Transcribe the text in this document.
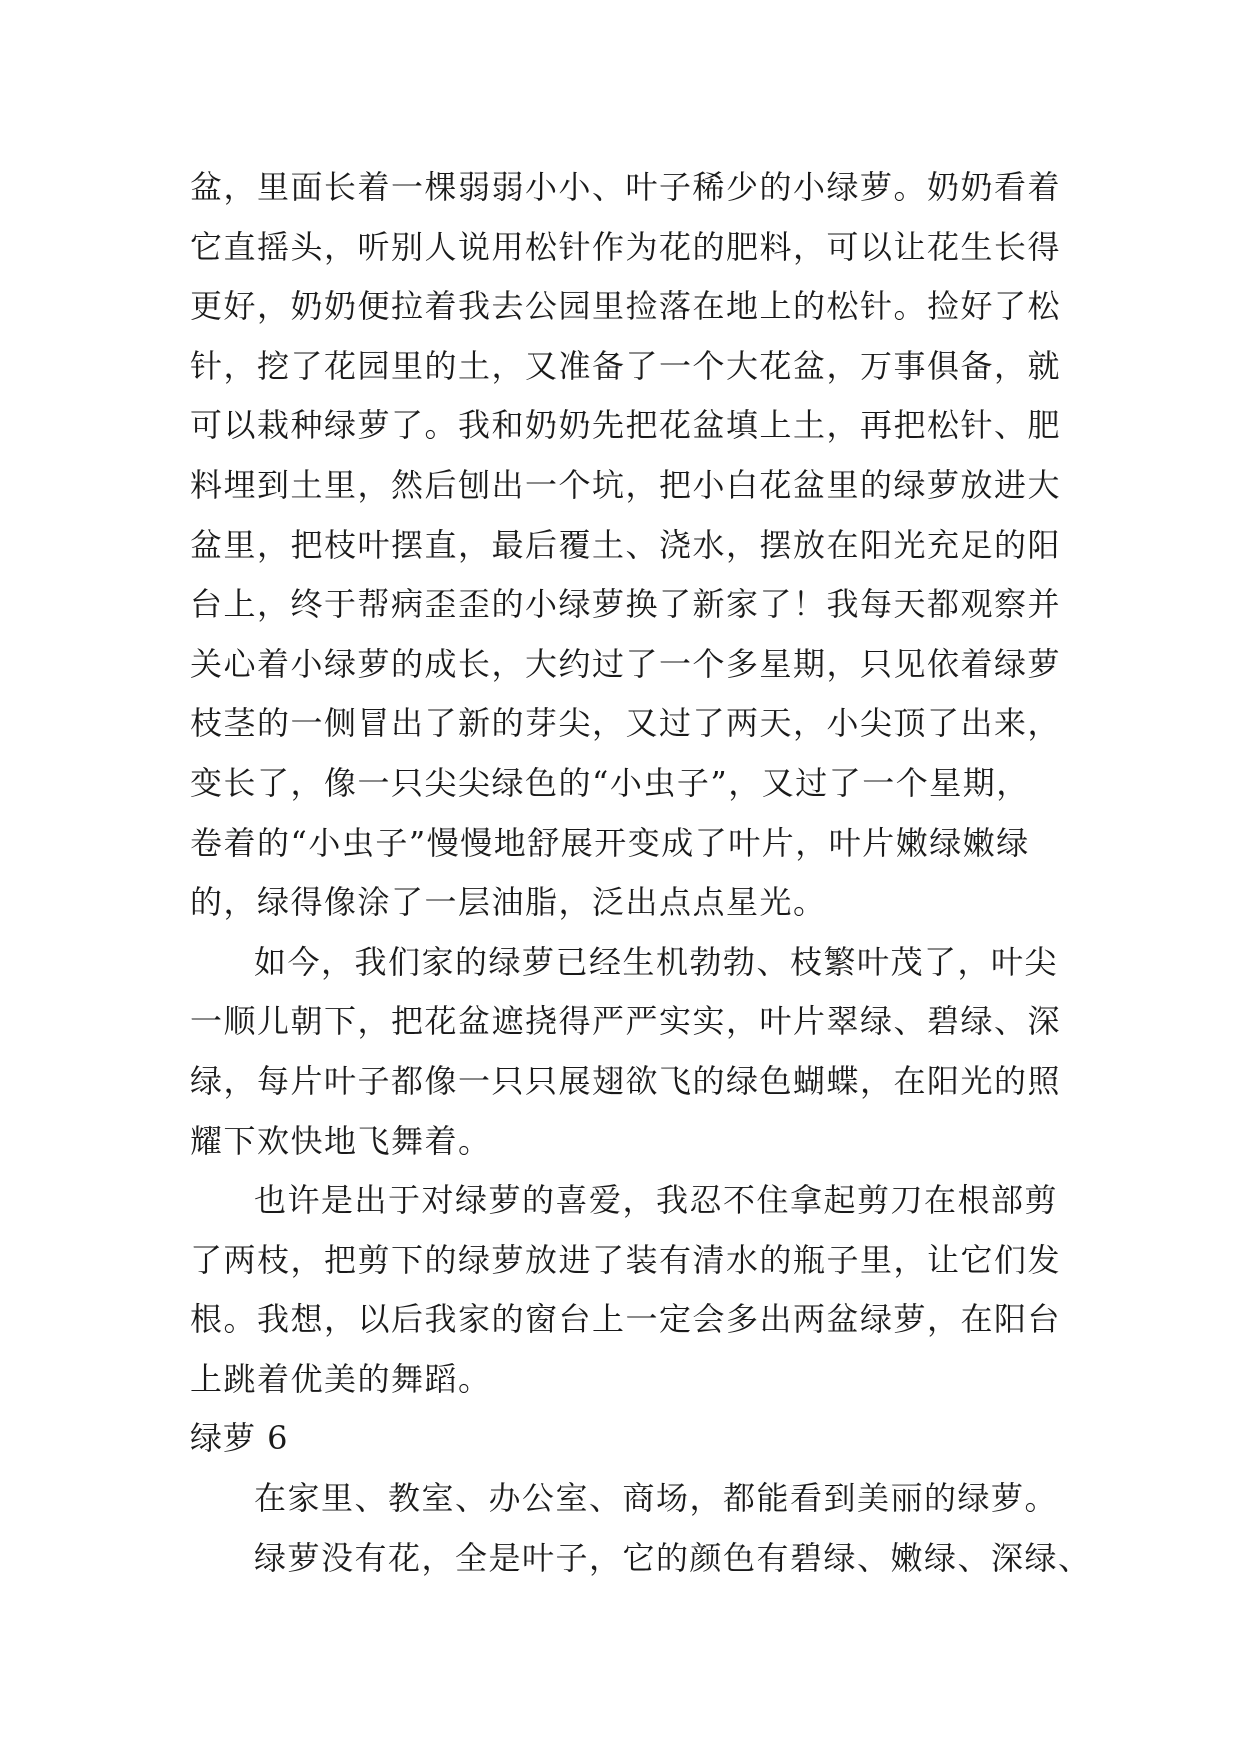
盆，里面长着一棵弱弱小小、叶子稀少的小绿萝。奶奶看着
它直摇头，听别人说用松针作为花的肥料，可以让花生长得
更好，奶奶便拉着我去公园里捡落在地上的松针。捡好了松
针，挖了花园里的土，又准备了一个大花盆，万事俱备，就
可以栽种绿萝了。我和奶奶先把花盆填上土，再把松针、肥
料埋到土里，然后刨出一个坑，把小白花盆里的绿萝放进大
盆里，把枝叶摆直，最后覆土、浇水，摆放在阳光充足的阳
台上，终于帮病歪歪的小绿萝换了新家了！我每天都观察并
关心着小绿萝的成长，大约过了一个多星期，只见依着绿萝
枝茎的一侧冒出了新的芽尖，又过了两天，小尖顶了出来，
变长了，像一只尖尖绿色的“小虫子”，又过了一个星期，
卷着的“小虫子”慢慢地舒展开变成了叶片，叶片嫩绿嫩绿
的，绿得像涂了一层油脂，泛出点点星光。
如今，我们家的绿萝已经生机勃勃、枝繁叶茂了，叶尖
一顺儿朝下，把花盆遮挠得严严实实，叶片翠绿、碧绿、深
绿，每片叶子都像一只只展翅欲飞的绿色蝴蝶，在阳光的照
耀下欢快地飞舞着。
也许是出于对绿萝的喜爱，我忍不住拿起剪刀在根部剪
了两枝，把剪下的绿萝放进了装有清水的瓶子里，让它们发
根。我想，以后我家的窗台上一定会多出两盆绿萝，在阳台
上跳着优美的舞蹈。
绿萝 6
在家里、教室、办公室、商场，都能看到美丽的绿萝。
绿萝没有花，全是叶子，它的颜色有碧绿、嫩绿、深绿、
